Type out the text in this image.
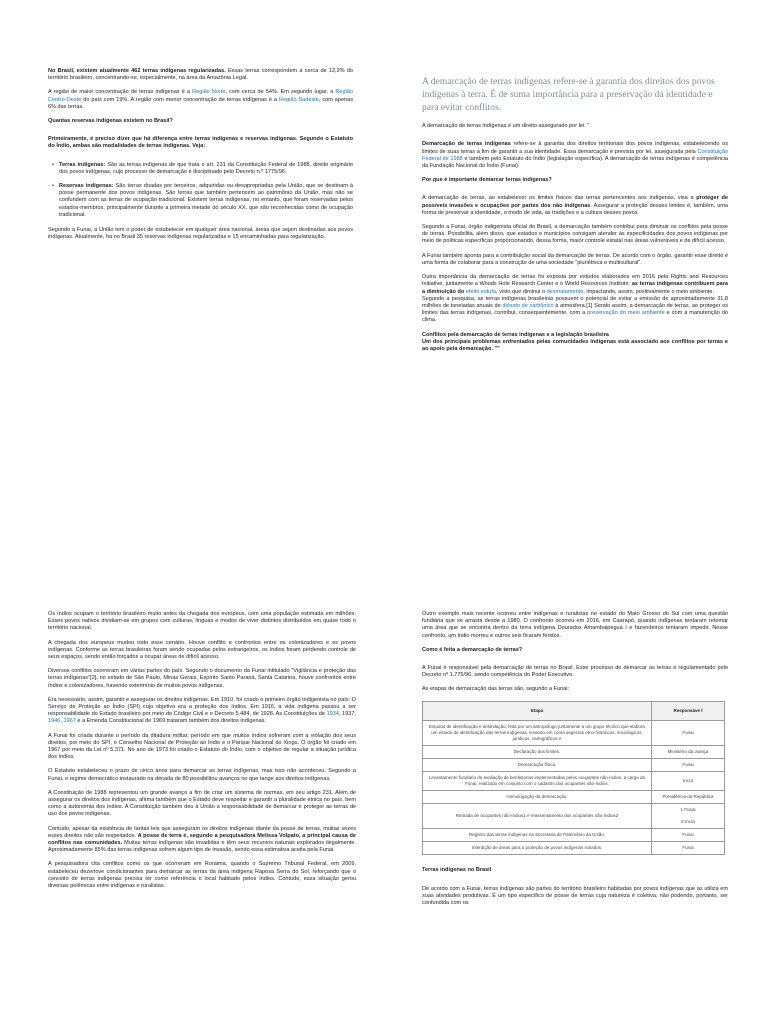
No Brasil, existem atualmente 462 terras indígenas regularizadas. Essas terras correspondem a cerca de 12,2% do território brasileiro, concentrando-se, especialmente, na área da Amazônia Legal.

A região de maior concentração de terras indígenas é a Região Norte, com cerca de 54%. Em segundo lugar, a Região Centro-Oeste do país com 19%. A região com menor concentração de terras indígenas é a Região Sudeste, com apenas 6% das terras.

Quantas reservas indígenas existem no Brasil?

Primeiramente, é preciso dizer que há diferença entre terras indígenas e reservas indígenas. Segundo o Estatuto do Índio, ambas são modalidades de terras indígenas. Veja:

• Terras indígenas: São as terras indígenas de que trata o art. 231 da Constituição Federal de 1988, direito originário dos povos indígenas, cujo processo de demarcação é disciplinado pelo Decreto n.º 1775/96.
• Reservas indígenas: São terras doadas por terceiros, adquiridas ou desapropriadas pela União, que se destinam à posse permanente dos povos indígenas. São terras que também pertencem ao patrimônio da União, mas não se confundem com as terras de ocupação tradicional. Existem terras indígenas, no entanto, que foram reservadas pelos estados-membros, principalmente durante a primeira metade do século XX, que são reconhecidas como de ocupação tradicional.

Segundo a Funai, a União tem o poder de estabelecer em qualquer área nacional, áreas que sejam destinadas aos povos indígenas. Atualmente, há no Brasil 35 reservas indígenas regularizadas e 15 encaminhadas para regularização.

A demarcação de terras indígenas refere-se à garantia dos direitos dos povos indígenas à terra. É de suma importância para a preservação da identidade e para evitar conflitos.

A demarcação de terras indígenas é um direito assegurado por lei. "

Demarcação de terras indígenas refere-se à garantia dos direitos territoriais dos povos indígenas, estabelecendo os limites de suas terras a fim de garantir a sua identidade. Essa demarcação é prevista por lei, assegurada pela Constituição Federal de 1988 e também pelo Estatuto do Índio (legislação específica). A demarcação de terras indígenas é competência da Fundação Nacional do Índio (Funai).

Por que é importante demarcar terras indígenas?

A demarcação de terras, ao estabelecer os limites físicos das terras pertencentes aos indígenas, visa a proteger de possíveis invasões e ocupações por partes dos não indígenas. Assegurar a proteção desses limites é, também, uma forma de preservar a identidade, o modo de vida, as tradições e a cultura desses povos.

Segundo a Funai, órgão indigenista oficial do Brasil, a demarcação também contribui para diminuir os conflitos pela posse de terras. Possibilita, além disso, que estados e municípios consigam atender às especificidades dos povos indígenas por meio de políticas específicas proporcionando, dessa forma, maior controle estatal nas áreas vulneráveis e de difícil acesso.

A Funai também aponta para a contribuição social da demarcação de terras. De acordo com o órgão, garantir esse direito é uma forma de colaborar para a construção de uma sociedade "pluriétnica e multicultural".

Outra importância da demarcação de terras foi exposta por estudos elaborados em 2016 pela Rights and Resources Initiative, juntamente a Woods Hole Research Center e o World Resources Institute: as terras indígenas contribuem para a diminuição do efeito estufa, visto que diminui o desmatamento, impactando, assim, positivamente o meio ambiente.

Segundo a pesquisa, as terras indígenas brasileiras possuem o potencial de evitar a emissão de aproximadamente 31,8 milhões de toneladas anuais de dióxido de carbônico à atmosfera.[1] Sendo assim, a demarcação de terras, ao proteger os limites das terras indígenas, contribui, consequentemente, com a preservação do meio ambiente e com a manutenção do clima.

Conflitos pela demarcação de terras indígenas e a legislação brasileira

Um dos principais problemas enfrentados pelas comunidades indígenas está associado aos conflitos por terras e ao apoio pela demarcação. ""

Os índios ocupam o território brasileiro muito antes da chegada dos europeus, com uma população estimada em milhões. Esses povos nativos dividiam-se em grupos com culturas, línguas e modos de viver distintos distribuídos em quase todo o território nacional.

A chegada dos europeus mudou todo esse cenário. Houve conflito e confrontos entre os colonizadores e os povos indígenas. Conforme as terras brasileiras foram sendo ocupadas pelos estrangeiros, os índios foram perdendo controle de seus espaços, sendo então forçados a ocupar áreas de difícil acesso.

Diversos conflitos ocorreram em várias partes do país. Segundo o documento da Funai intitulado "Vigilância e proteção das terras indígenas"[2], no estado de São Paulo, Minas Gerais, Espírito Santo Paraná, Santa Catarina, houve confrontos entre índios e colonizadores, havendo extermínio de muitos povos indígenas.

Era necessário, assim, garantir e assegurar os direitos indígenas. Em 1910, foi criado o primeiro órgão indigenista no país: O Serviço de Proteção ao Índio (SPI) cujo objetivo era a proteção dos índios. Em 1916, a vida indígena passou a ser responsabilidade do Estado brasileiro por meio do Código Civil e o Decreto 5.484, de 1928. As Constituições de 1934, 1937, 1946, 1967 e a Emenda Constitucional de 1969 trataram também dos direitos indígenas.

A Funai foi criada durante o período da ditadura militar, período em que muitos índios sofreram com a violação dos seus direitos, por meio do SPI, o Conselho Nacional de Proteção ao Índio e o Parque Nacional do Xingu. O órgão foi criado em 1967 por meio da Lei nº 5.371. No ano de 1973 foi criado o Estatuto do Índio, com o objetivo de regular a situação jurídica dos índios.

O Estatuto estabeleceu o prazo de cinco anos para demarcar as terras indígenas, mas isso não aconteceu. Segundo a Funai, o regime democrático instaurado na década de 80 possibilitou avanços no que tange aos direitos indígenas.

A Constituição de 1988 representou um grande avanço a fim de criar um sistema de normas, em seu artigo 231. Além de assegurar os direitos dos indígenas, afirma também que o Estado deve respeitar e garantir a pluralidade étnica no país, bem como a autonomia dos índios. A Constituição também deu à União a responsabilidade de demarcar e proteger as terras de uso dos povos indígenas.

Contudo, apesar da existência de tantas leis que asseguram os direitos indígenas diante da posse de terras, muitas vezes esses direitos não são respeitados. A posse de terra é, segundo a pesquisadora Melissa Volpato, a principal causa de conflitos nas comunidades. Muitas terras indígenas são invadidas e têm seus recursos naturais explorados ilegalmente. Aproximadamente 85% das terras indígenas sofrem algum tipo de invasão, sendo essa estimativa aceita pela Funai.

A pesquisadora cita conflitos como os que ocorreram em Roraima, quando o Supremo Tribunal Federal, em 2009, estabeleceu dezenove condicionantes para demarcar as terras da área indígena Raposa Serra do Sol, reforçando que o conceito de terras indígenas precisa ter como referência o local habitado pelos índios. Contudo, essa situação gerou diversas polêmicas entre indígenas e ruralistas.

Outro exemplo mais recente ocorreu entre indígenas e ruralistas no estado do Mato Grosso do Sul com uma questão fundiária que se arrasta desde a 1980. O confronto ocorreu em 2016, em Caarapó, quando indígenas tentaram retomar uma área que se encontra dentro da terra indígena Dourados Amambaipeguá I e fazendeiros tentaram impedir. Nesse confronto, um índio morreu e outros seis ficaram feridos.

Como é feita a demarcação de terras?

A Funai é responsável pela demarcação de terras no Brasil. Esse processo de demarcar as terras é regulamentado pelo Decreto nº 1.775/96, sendo competência do Poder Executivo.

As etapas de demarcação das terras são, segundo a Funai:

Etapa	Responsáve l
Estudos de identificação e delimitação, feita por um antropólogo juntamente a um grupo técnico que elabora um estudo de identificação das terras indígenas, levando em conta aspectos etno-históricos, sociológicos, jurídicos, cartográficos e	Funai
Declaração dos limites.	Ministério da Justiça
Demarcação física.	Funai
Levantamento fundiário de avaliação de benfeitorias implementadas pelos ocupantes não-índios, a cargo da Funai, realizado em conjunto com o cadastro dos ocupantes não-índios.	Incra
Homologação da demarcação.	Presidência da República
Retirada de ocupantes não-índios1 e reassentamento dos ocupantes não-índios2	1 Funai
2 Incra

Registro das terras indígenas na Secretaria de Patrimônio da União.	Funai
Interdição de áreas para a proteção de povos indígenas isolados.	Funai

Terras indígenas no Brasil

De acordo com a Funai, terras indígenas são partes do território brasileiro habitadas por povos indígenas que as utiliza em suas atividades produtivas. É um tipo específico de posse de terras cuja natureza é coletiva, não podendo, portanto, ser confundida com os
